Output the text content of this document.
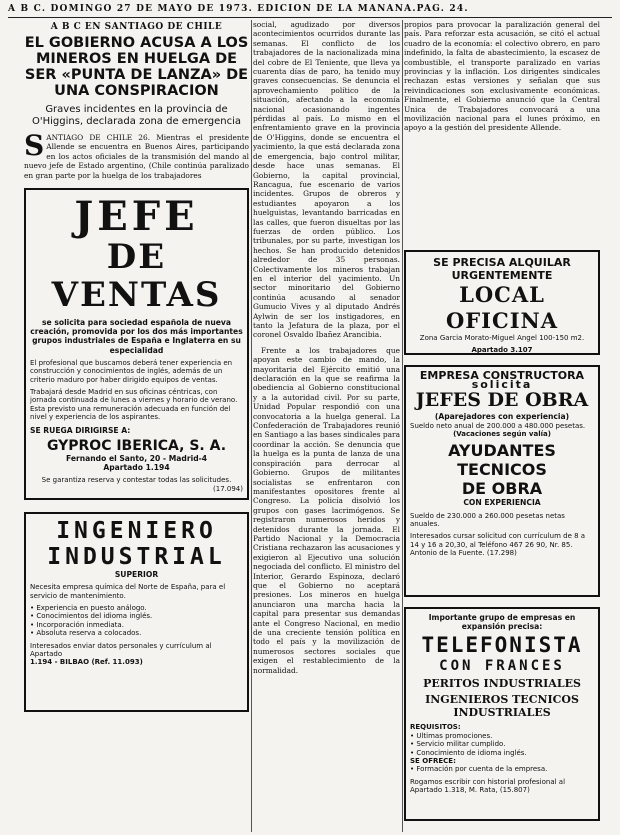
A B C. DOMINGO 27 DE MAYO DE 1973. EDICION DE LA MAÑANA.PAG. 24.
A B C EN SANTIAGO DE CHILE
EL GOBIERNO ACUSA A LOS MINEROS EN HUELGA DE SER «PUNTA DE LANZA» DE UNA CONSPIRACION
Graves incidentes en la provincia de O'Higgins, declarada zona de emergencia
S ANTIAGO DE CHILE 26. Mientras el presidente Allende se encuentra en Buenos Aires, participando en los actos oficiales de la transmisión del mando al nuevo jefe de Estado argentino, (Chile continúa paralizado en gran parte por la huelga de los trabajadores
JEFE
DE VENTAS
se solicita para sociedad española de nueva creación, promovida por los dos más importantes grupos industriales de España e Inglaterra en su especialidad
El profesional que buscamos deberá tener experiencia en construcción y conocimientos de inglés, además de un criterio maduro por haber dirigido equipos de ventas.
Trabajará desde Madrid en sus oficinas céntricas, con jornada continuada de lunes a viernes y horario de verano. Esta previsto una remuneración adecuada en función del nivel y experiencia de los aspirantes.
SE RUEGA DIRIGIRSE A:
GYPROC IBERICA, S. A.
Fernando el Santo, 20 - Madrid-4
Apartado 1.194
Se garantiza reserva y contestar todas las solicitudes.
(17.094)
INGENIERO
INDUSTRIAL
SUPERIOR
Necesita empresa química del Norte de España, para el servicio de mantenimiento.
• Experiencia en puesto análogo.
• Conocimientos del idioma inglés.
• Incorporación inmediata.
• Absoluta reserva a colocados.
Interesados enviar datos personales y currículum al Apartado
1.194 - BILBAO (Ref. 11.093)
social, agudizado por diversos acontecimientos ocurridos durante las semanas. El conflicto de los trabajadores de la nacionalizada mina del cobre de El Teniente, que lleva ya cuarenta días de paro, ha tenido muy graves consecuencias. Se denuncia el aprovechamiento político de la situación, afectando a la economía nacional ocasionando ingentes pérdidas al país. Lo mismo en el enfrentamiento grave en la provincia de O'Higgins, donde se encuentra el yacimiento, la que está declarada zona de emergencia, bajo control militar, desde hace unas semanas. El Gobierno, la capital provincial, Rancagua, fue escenario de varios incidentes. Grupos de obreros y estudiantes apoyaron a los huelguistas, levantando barricadas en las calles, que fueron disueltas por las fuerzas de orden público. Los tribunales, por su parte, investigan los hechos. Se han producido detenidos alrededor de 35 personas. Colectivamente los mineros trabajan en el interior del yacimiento. Un sector minoritario del Gobierno continúa acusando al senador Gumucio Vives y al diputado Andrés Aylwin de ser los instigadores, en tanto la Jefatura de la plaza, por el coronel Osvaldo Ibañez Arancibia.
Frente a los trabajadores que apoyan este cambio de mando, la mayoritaria del Ejército emitió una declaración en la que se reafirma la obediencia al Gobierno constitucional y a la autoridad civil. Por su parte, Unidad Popular respondió con una convocatoria a la huelga general. La Confederación de Trabajadores reunió en Santiago a las bases sindicales para coordinar la acción. Se denuncia que la huelga es la punta de lanza de una conspiración para derrocar al Gobierno. Grupos de militantes socialistas se enfrentaron con manifestantes opositores frente al Congreso. La policía disolvió los grupos con gases lacrimógenos. Se registraron numerosos heridos y detenidos durante la jornada. El Partido Nacional y la Democracia Cristiana rechazaron las acusaciones y exigieron al Ejecutivo una solución negociada del conflicto. El ministro del Interior, Gerardo Espinoza, declaró que el Gobierno no aceptará presiones. Los mineros en huelga anunciaron una marcha hacia la capital para presentar sus demandas ante el Congreso Nacional, en medio de una creciente tensión política en todo el país y la movilización de numerosos sectores sociales que exigen el restablecimiento de la normalidad.
propios para provocar la paralización general del país. Para reforzar esta acusación, se citó el actual cuadro de la economía: el colectivo obrero, en paro indefinido, la falta de abastecimiento, la escasez de combustible, el transporte paralizado en varias provincias y la inflación. Los dirigentes sindicales rechazan estas versiones y señalan que sus reivindicaciones son exclusivamente económicas. Finalmente, el Gobierno anunció que la Central Unica de Trabajadores convocará a una movilización nacional para el lunes próximo, en apoyo a la gestión del presidente Allende.
SE PRECISA ALQUILAR
URGENTEMENTE
LOCAL OFICINA
Zona Garcia Morato-Miguel Angel 100-150 m2.
Apartado 3.107
EMPRESA CONSTRUCTORA
solicita
JEFES DE OBRA
(Aparejadores con experiencia)
Sueldo neto anual de 200.000 a 480.000 pesetas.
(Vacaciones según valía)
AYUDANTES TECNICOS
DE OBRA
CON EXPERIENCIA
Sueldo de 230.000 a 260.000 pesetas netas anuales.
Interesados cursar solicitud con currículum de 8 a 14 y 16 a 20,30, al Teléfono 467 26 90, Nr. 85. Antonio de la Fuente. (17.298)
Importante grupo de empresas en expansión precisa:
TELEFONISTA
CON FRANCES
PERITOS INDUSTRIALES
INGENIEROS TECNICOS INDUSTRIALES
REQUISITOS:
• Ultimas promociones.
• Servicio militar cumplido.
• Conocimiento de idioma inglés.
SE OFRECE:
• Formación por cuenta de la empresa.
Rogamos escribir con historial profesional al Apartado 1.318, M. Rata, (15.807)
